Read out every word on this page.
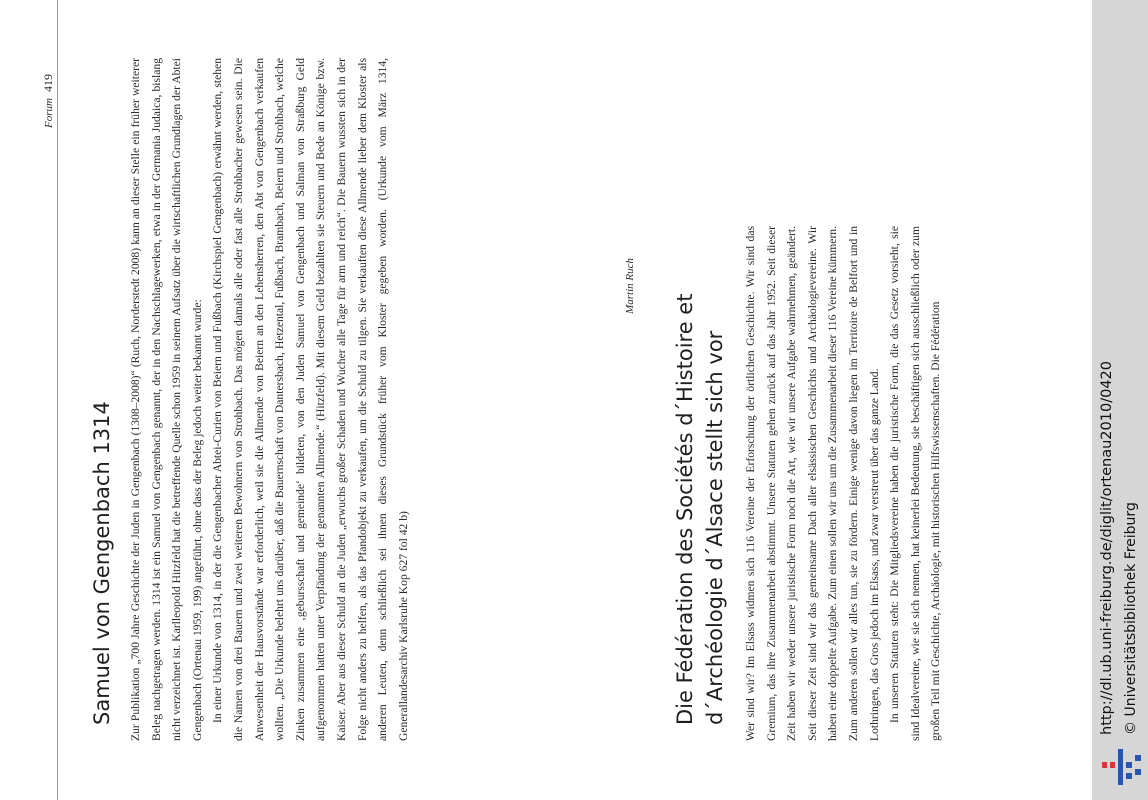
Forum419
Samuel von Gengenbach 1314	Zur Publikation „700 Jahre Geschichte der Juden in Gengenbach (1308–2008)“ (Ruch, Norderstedt 2008) kann an dieser Stelle ein früher weiterer Beleg nachgetragen werden. 1314 ist ein Samuel von Gengenbach genannt, der in den Nachschlagewerken, etwa in der Germania Judaica, bislang nicht verzeichnet ist. Karlleopold Hitzfeld hat die betreffende Quelle schon 1959 in seinem Aufsatz über die wirtschaftlichen Grundlagen der Abtei Gengenbach (Ortenau 1959, 199) angeführt, ohne dass der Beleg jedoch weiter bekannt wurde: In einer Urkunde von 1314, in der die Gengenbacher Abtei-Curien von Beiern und Fußbach (Kirchspiel Gengenbach) erwähnt werden, stehen die Namen von drei Bauern und zwei weiteren Bewohnern von Strohbach. Das mögen damals alle oder fast alle Strohbacher gewesen sein. Die Anwesenheit der Hausvorstände war erforderlich, weil sie die Allmende von Beiern an den Lehensherren, den Abt von Gengenbach verkaufen wollten. „Die Urkunde belehrt uns darüber, daß die Bauernschaft von Dantersbach, Hetzental, Fußbach, Brambach, Beiern und Strohbach, welche Zinken zusammen eine ‚gebursschaft und gemeinde‘ bildeten, von den Juden Samuel von Gengenbach und Salman von Straßburg Geld aufgenommen hatten unter Verpfändung der genannten Allmende.“ (Hitzfeld). Mit diesem Geld bezahlten sie Steuern und Bede an Könige bzw. Kaiser. Aber aus dieser Schuld an die Juden „erwuchs großer Schaden und Wucher alle Tage für arm und reich“. Die Bauern wussten sich in der Folge nicht anders zu helfen, als das Pfandobjekt zu verkaufen, um die Schuld zu tilgen. Sie verkauften diese Allmende lieber dem Kloster als anderen Leuten, denn schließlich sei ihnen dieses Grundstück früher vom Kloster gegeben worden. (Urkunde vom März 1314, Generallandesarchiv Karlsruhe Kop 627 fol 42 b)

Martin Ruch
Die Fédération des Sociétés d´Histoire et d´Archéologie d´Alsace stellt sich vor Wer sind wir? Im Elsass widmen sich 116 Vereine der Erforschung der örtlichen Geschichte. Wir sind das Gremium, das ihre Zusammenarbeit abstimmt. Unsere Statuten gehen zurück auf das Jahr 1952. Seit dieser Zeit haben wir weder unsere juristische Form noch die Art, wie wir unsere Aufgabe wahrnehmen, geändert. Seit dieser Zeit sind wir das gemeinsame Dach aller elsässischen Geschichts und Archäologievereine. Wir haben eine doppelte Aufgabe. Zum einen sollen wir uns um die Zusammenarbeit dieser 116 Vereine kümmern. Zum anderen sollen wir alles tun, sie zu fördern. Einige wenige davon liegen im Territoire de Belfort und in Lothringen, das Gros jedoch im Elsass, und zwar verstreut über das ganze Land. In unseren Statuten steht: Die Mitgliedsvereine haben die juristische Form, die das Gesetz vorsieht, sie sind Idealvereine, wie sie sich nennen, hat keinerlei Bedeutung, sie beschäftigen sich ausschließlich oder zum großen Teil mit Geschichte, Archäologie, mit historischen Hilfswissenschaften. Die Fédération	http://dl.ub.uni-freiburg.de/diglit/ortenau2010/0420 © Universitätsbibliothek Freiburg
